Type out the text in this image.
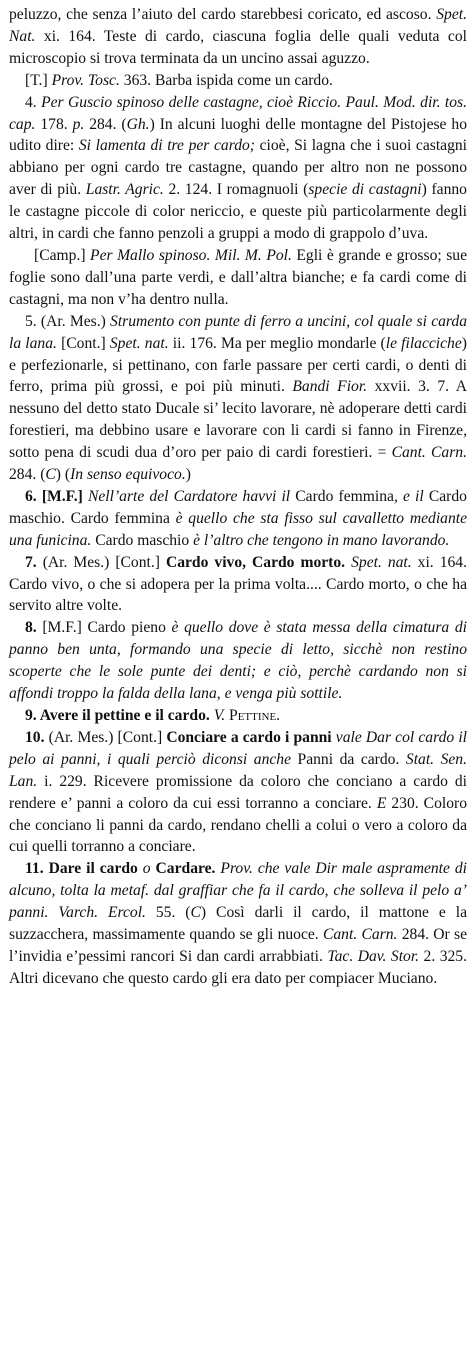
peluzzo, che senza l’aiuto del cardo starebbesi coricato, ed ascoso. Spet. Nat. xi. 164. Teste di cardo, ciascuna foglia delle quali veduta col microscopio si trova terminata da un uncino assai aguzzo.

[T.] Prov. Tosc. 363. Barba ispida come un cardo.

4. Per Guscio spinoso delle castagne, cioè Riccio. Paul. Mod. dir. tos. cap. 178. p. 284. (Gh.) In alcuni luoghi delle montagne del Pistojese ho udito dire: Si lamenta di tre per cardo; cioè, Si lagna che i suoi castagni abbiano per ogni cardo tre castagne, quando per altro non ne possono aver di più. Lastr. Agric. 2. 124. I romagnuoli (specie di castagni) fanno le castagne piccole di color nericcio, e queste più particolarmente degli altri, in cardi che fanno penzoli a gruppi a modo di grappolo d’uva.

[Camp.] Per Mallo spinoso. Mil. M. Pol. Egli è grande e grosso; sue foglie sono dall’una parte verdi, e dall’altra bianche; e fa cardi come di castagni, ma non v’ha dentro nulla.

5. (Ar. Mes.) Strumento con punte di ferro a uncini, col quale si carda la lana. [Cont.] Spet. nat. ii. 176. Ma per meglio mondarle (le filacciche) e perfezionarle, si pettinano, con farle passare per certi cardi, o denti di ferro, prima più grossi, e poi più minuti. Bandi Fior. xxvii. 3. 7. A nessuno del detto stato Ducale si’ lecito lavorare, nè adoperare detti cardi forestieri, ma debbino usare e lavorare con li cardi si fanno in Firenze, sotto pena di scudi dua d’oro per paio di cardi forestieri. = Cant. Carn. 284. (C) (In senso equivoco.)

6. [M.F.] Nell’arte del Cardatore havvi il Cardo femmina, e il Cardo maschio. Cardo femmina è quello che sta fisso sul cavalletto mediante una funicina. Cardo maschio è l’altro che tengono in mano lavorando.

7. (Ar. Mes.) [Cont.] Cardo vivo, Cardo morto. Spet. nat. xi. 164. Cardo vivo, o che si adopera per la prima volta.... Cardo morto, o che ha servito altre volte.

8. [M.F.] Cardo pieno è quello dove è stata messa della cimatura di panno ben unta, formando una specie di letto, sicchè non restino scoperte che le sole punte dei denti; e ciò, perchè cardando non si affondi troppo la falda della lana, e venga più sottile.

9. Avere il pettine e il cardo. V. Pettine.

10. (Ar. Mes.) [Cont.] Conciare a cardo i panni vale Dar col cardo il pelo ai panni, i quali perciò diconsi anche Panni da cardo. Stat. Sen. Lan. i. 229. Ricevere promissione da coloro che conciano a cardo di rendere e’ panni a coloro da cui essi torranno a conciare. E 230. Coloro che conciano li panni da cardo, rendano chelli a colui o vero a coloro da cui quelli torranno a conciare.

11. Dare il cardo o Cardare. Prov. che vale Dir male aspramente di alcuno, tolta la metaf. dal graffiar che fa il cardo, che solleva il pelo a’ panni. Varch. Ercol. 55. (C) Così darli il cardo, il mattone e la suzzacchera, massimamente quando se gli nuoce. Cant. Carn. 284. Or se l’invidia e’pessimi rancori Si dan cardi arrabbiati. Tac. Dav. Stor. 2. 325. Altri dicevano che questo cardo gli era dato per compiacer Muciano.
